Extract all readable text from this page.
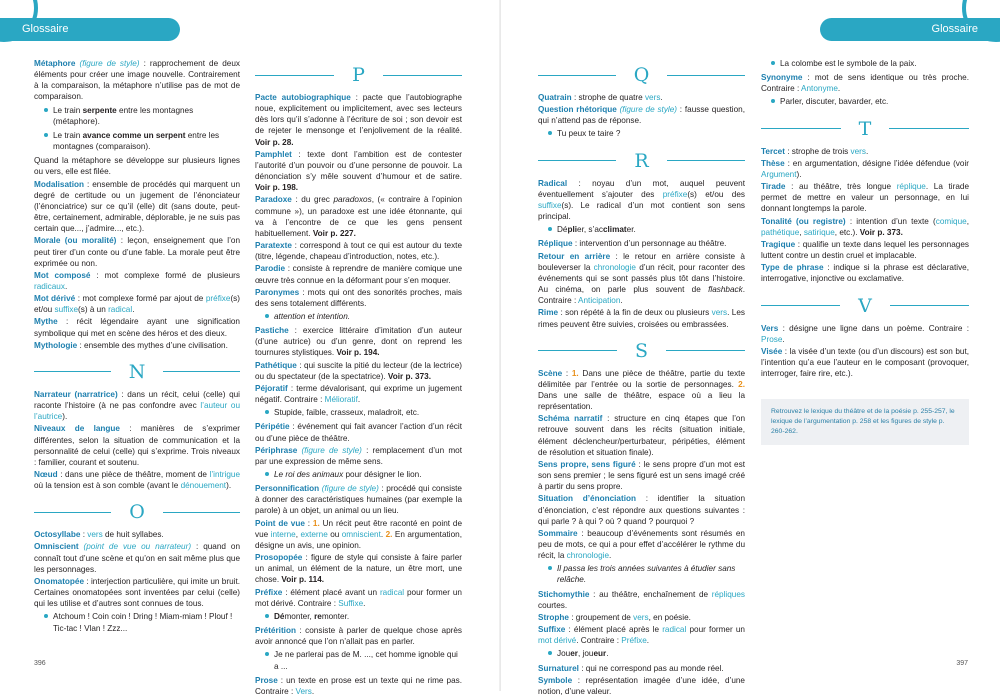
Glossaire	Glossaire

Métaphore (figure de style) : rapprochement de deux éléments pour créer une image nouvelle. Contrairement à la comparaison, la métaphore n’utilise pas de mot de comparaison.

Le train serpente entre les montagnes (métaphore).
Le train avance comme un serpent entre les montagnes (comparaison).

Quand la métaphore se développe sur plusieurs lignes ou vers, elle est filée.

Modalisation : ensemble de procédés qui marquent un degré de certitude ou un jugement de l’énonciateur (l’énonciatrice) sur ce qu’il (elle) dit (sans doute, peut-être, certainement, admirable, déplorable, je ne suis pas certain que..., j’admire..., etc.).

Morale (ou moralité) : leçon, enseignement que l’on peut tirer d’un conte ou d’une fable. La morale peut être exprimée ou non.

Mot composé : mot complexe formé de plusieurs radicaux.

Mot dérivé : mot complexe formé par ajout de préfixe(s) et/ou suffixe(s) à un radical.

Mythe : récit légendaire ayant une signification symbolique qui met en scène des héros et des dieux.

Mythologie : ensemble des mythes d’une civilisation.

N

Narrateur (narratrice) : dans un récit, celui (celle) qui raconte l’histoire (à ne pas confondre avec l’auteur ou l’autrice).

Niveaux de langue : manières de s’exprimer différentes, selon la situation de communication et la personnalité de celui (celle) qui s’exprime. Trois niveaux : familier, courant et soutenu.

Nœud : dans une pièce de théâtre, moment de l’intrigue où la tension est à son comble (avant le dénouement).

O

Octosyllabe : vers de huit syllabes.

Omniscient (point de vue ou narrateur) : quand on connaît tout d’une scène et qu’on en sait même plus que les personnages.

Onomatopée : interjection particulière, qui imite un bruit. Certaines onomatopées sont inventées par celui (celle) qui les utilise et d’autres sont connues de tous.

Atchoum ! Coin coin ! Dring ! Miam-miam ! Plouf ! Tic-tac ! Vlan ! Zzz...
P

Pacte autobiographique : pacte que l’autobiographe noue, explicitement ou implicitement, avec ses lecteurs dès lors qu’il s’adonne à l’écriture de soi ; son devoir est de rejeter le mensonge et l’enjolivement de la réalité. Voir p. 28.

Pamphlet : texte dont l’ambition est de contester l’autorité d’un pouvoir ou d’une personne de pouvoir. La dénonciation s’y mêle souvent d’humour et de satire. Voir p. 198.

Paradoxe : du grec paradoxos, (« contraire à l’opinion commune »), un paradoxe est une idée étonnante, qui va à l’encontre de ce que les gens pensent habituellement. Voir p. 227.

Paratexte : correspond à tout ce qui est autour du texte (titre, légende, chapeau d’introduction, notes, etc.).

Parodie : consiste à reprendre de manière comique une œuvre très connue en la déformant pour s’en moquer.

Paronymes : mots qui ont des sonorités proches, mais des sens totalement différents.

attention et intention.

Pastiche : exercice littéraire d’imitation d’un auteur (d’une autrice) ou d’un genre, dont on reprend les tournures stylistiques. Voir p. 194.

Pathétique : qui suscite la pitié du lecteur (de la lectrice) ou du spectateur (de la spectatrice). Voir p. 373.

Péjoratif : terme dévalorisant, qui exprime un jugement négatif. Contraire : Mélioratif.

Stupide, faible, crasseux, maladroit, etc.

Péripétie : événement qui fait avancer l’action d’un récit ou d’une pièce de théâtre.

Périphrase (figure de style) : remplacement d’un mot par une expression de même sens.

Le roi des animaux pour désigner le lion.

Personnification (figure de style) : procédé qui consiste à donner des caractéristiques humaines (par exemple la parole) à un objet, un animal ou un lieu.

Point de vue : 1. Un récit peut être raconté en point de vue interne, externe ou omniscient. 2. En argumentation, désigne un avis, une opinion.

Prosopopée : figure de style qui consiste à faire parler un animal, un élément de la nature, un être mort, une chose. Voir p. 114.

Préfixe : élément placé avant un radical pour former un mot dérivé. Contraire : Suffixe.

Démonter, remonter.

Prétérition : consiste à parler de quelque chose après avoir annoncé que l’on n’allait pas en parler.

Je ne parlerai pas de M. ..., cet homme ignoble qui a ...

Prose : un texte en prose est un texte qui ne rime pas. Contraire : Vers.

Q

Quatrain : strophe de quatre vers.

Question rhétorique (figure de style) : fausse question, qui n’attend pas de réponse.

Tu peux te taire ?
R

Radical : noyau d’un mot, auquel peuvent éventuellement s’ajouter des préfixe(s) et/ou des suffixe(s). Le radical d’un mot contient son sens principal.

Déplier, s’acclimater.

Réplique : intervention d’un personnage au théâtre.

Retour en arrière : le retour en arrière consiste à bouleverser la chronologie d’un récit, pour raconter des événements qui se sont passés plus tôt dans l’histoire. Au cinéma, on parle plus souvent de flashback. Contraire : Anticipation.

Rime : son répété à la fin de deux ou plusieurs vers. Les rimes peuvent être suivies, croisées ou embrassées.

S

Scène : 1. Dans une pièce de théâtre, partie du texte délimitée par l’entrée ou la sortie de personnages. 2. Dans une salle de théâtre, espace où a lieu la représentation.

Schéma narratif : structure en cinq étapes que l’on retrouve souvent dans les récits (situation initiale, élément déclencheur/perturbateur, péripéties, élément de résolution et situation finale).

Sens propre, sens figuré : le sens propre d’un mot est son sens premier ; le sens figuré est un sens imagé créé à partir du sens propre.

Situation d’énonciation : identifier la situation d’énonciation, c’est répondre aux questions suivantes : qui parle ? à qui ? où ? quand ? pourquoi ?

Sommaire : beaucoup d’événements sont résumés en peu de mots, ce qui a pour effet d’accélérer le rythme du récit, la chronologie.

Il passa les trois années suivantes à étudier sans relâche.

Stichomythie : au théâtre, enchaînement de répliques courtes.

Strophe : groupement de vers, en poésie.

Suffixe : élément placé après le radical pour former un mot dérivé. Contraire : Préfixe.

Jouer, joueur.

Surnaturel : qui ne correspond pas au monde réel.

Symbole : représentation imagée d’une idée, d’une notion, d’une valeur.

La colombe est le symbole de la paix.

Synonyme : mot de sens identique ou très proche. Contraire : Antonyme.

Parler, discuter, bavarder, etc.
T

Tercet : strophe de trois vers.

Thèse : en argumentation, désigne l’idée défendue (voir Argument).

Tirade : au théâtre, très longue réplique. La tirade permet de mettre en valeur un personnage, en lui donnant longtemps la parole.

Tonalité (ou registre) : intention d’un texte (comique, pathétique, satirique, etc.). Voir p. 373.

Tragique : qualifie un texte dans lequel les personnages luttent contre un destin cruel et implacable.

Type de phrase : indique si la phrase est déclarative, interrogative, injonctive ou exclamative.

V

Vers : désigne une ligne dans un poème. Contraire : Prose.

Visée : la visée d’un texte (ou d’un discours) est son but, l’intention qu’a eue l’auteur en le composant (provoquer, interroger, faire rire, etc.).

Retrouvez le lexique du théâtre et de la poésie p. 255-257, le lexique de l’argumentation p. 258 et les figures de style p. 260-262.
396	397
